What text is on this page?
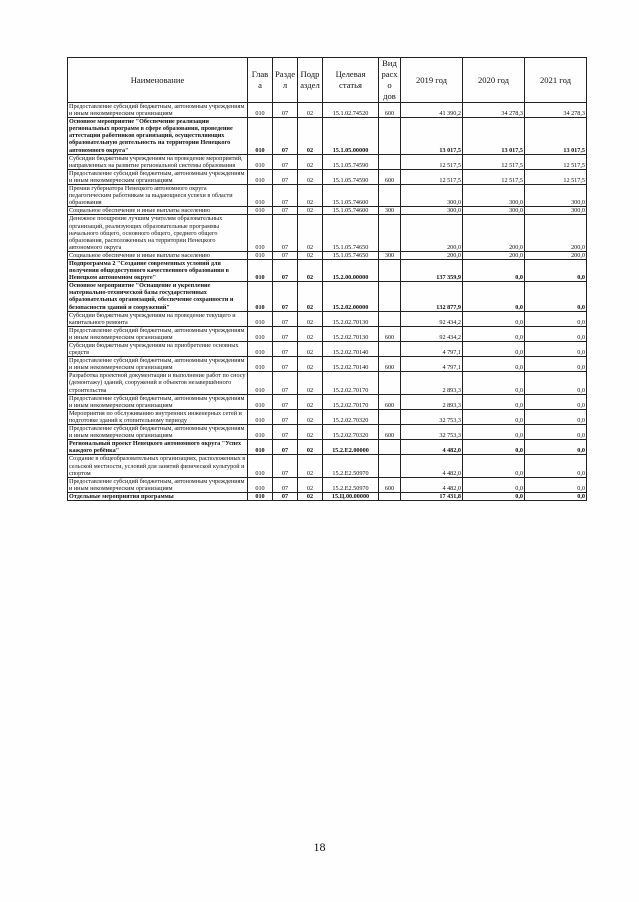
Наименование	Глав а	Разде л	Подр аздел	Целевая статья	Вид расхо дов	2019 год	2020 год	2021 год
Предоставление субсидий бюджетным, автономным учреждениям и иным некоммерческим организациям	010	07	02	15.1.02.74520	600	41 390,2	34 278,3	34 278,3
Основное мероприятие "Обеспечение реализации региональных программ в сфере образования, проведение аттестации работников организаций, осуществляющих образовательную деятельность на территории Ненецкого автономного округа"	010	07	02	15.1.05.00000		13 017,5	13 017,5	13 017,5
Субсидии бюджетным учреждениям на проведение мероприятий, направленных на развитие региональной системы образования	010	07	02	15.1.05.74590		12 517,5	12 517,5	12 517,5
Предоставление субсидий бюджетным, автономным учреждениям и иным некоммерческим организациям	010	07	02	15.1.05.74590	600	12 517,5	12 517,5	12 517,5
Премии губернатора Ненецкого автономного округа педагогическим работникам за выдающиеся успехи в области образования	010	07	02	15.1.05.74600		300,0	300,0	300,0
Социальное обеспечение и иные выплаты населению	010	07	02	15.1.05.74600	300	300,0	300,0	300,0
Денежное поощрение лучшим учителям образовательных организаций, реализующих образовательные программы начального общего, основного общего, среднего общего образования, расположенных на территории Ненецкого автономного округа	010	07	02	15.1.05.74650		200,0	200,0	200,0
Социальное обеспечение и иные выплаты населению	010	07	02	15.1.05.74650	300	200,0	200,0	200,0
Подпрограмма 2 "Создание современных условий для получения общедоступного качественного образования в Ненецком автономном округе"	010	07	02	15.2.00.00000		137 359,9	0,0	0,0
Основное мероприятие "Оснащение и укрепление материально-технической базы государственных образовательных организаций, обеспечение сохранности и безопасности зданий и сооружений"	010	07	02	15.2.02.00000		132 877,9	0,0	0,0
Субсидии бюджетным учреждениям на проведение текущего и капитального ремонта	010	07	02	15.2.02.70130		92 434,2	0,0	0,0
Предоставление субсидий бюджетным, автономным учреждениям и иным некоммерческим организациям	010	07	02	15.2.02.70130	600	92 434,2	0,0	0,0
Субсидии бюджетным учреждениям на приобретение основных средств	010	07	02	15.2.02.70140		4 797,1	0,0	0,0
Предоставление субсидий бюджетным, автономным учреждениям и иным некоммерческим организациям	010	07	02	15.2.02.70140	600	4 797,1	0,0	0,0
Разработка проектной документации и выполнение работ по сносу (демонтажу) зданий, сооружений и объектов незавершённого строительства	010	07	02	15.2.02.70170		2 893,3	0,0	0,0
Предоставление субсидий бюджетным, автономным учреждениям и иным некоммерческим организациям	010	07	02	15.2.02.70170	600	2 893,3	0,0	0,0
Мероприятия по обслуживанию внутренних инженерных сетей и подготовке зданий к отопительному периоду	010	07	02	15.2.02.70320		32 753,3	0,0	0,0
Предоставление субсидий бюджетным, автономным учреждениям и иным некоммерческим организациям	010	07	02	15.2.02.70320	600	32 753,3	0,0	0,0
Региональный проект Ненецкого автономного округа "Успех каждого ребёнка"	010	07	02	15.2.E2.00000		4 482,0	0,0	0,0
Создание в общеобразовательных организациях, расположенных в сельской местности, условий для занятий физической культурой и спортом	010	07	02	15.2.E2.50970		4 482,0	0,0	0,0
Предоставление субсидий бюджетным, автономным учреждениям и иным некоммерческим организациям	010	07	02	15.2.E2.50970	600	4 482,0	0,0	0,0
Отдельные мероприятия программы	010	07	02	15.Ц.00.00000		17 431,8	0,0	0,0
18
